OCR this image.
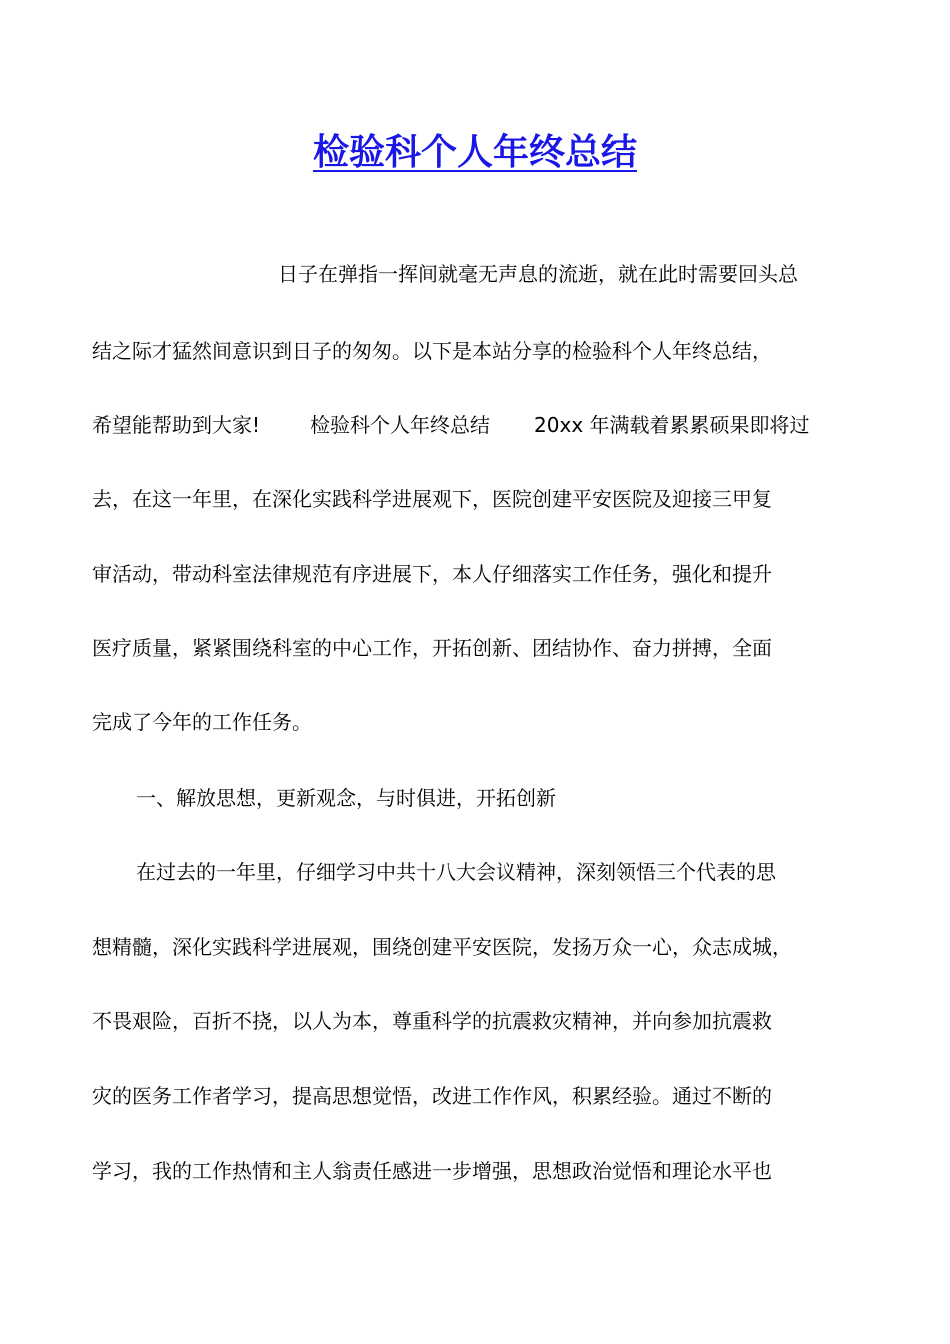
检验科个人年终总结

日子在弹指一挥间就毫无声息的流逝，就在此时需要回头总

结之际才猛然间意识到日子的匆匆。以下是本站分享的检验科个人年终总结，

希望能帮助到大家!	检验科个人年终总结 20xx 年满载着累累硕果即将过

去，在这一年里，在深化实践科学进展观下，医院创建平安医院及迎接三甲复

审活动，带动科室法律规范有序进展下，本人仔细落实工作任务，强化和提升

医疗质量，紧紧围绕科室的中心工作，开拓创新、团结协作、奋力拼搏，全面

完成了今年的工作任务。

一、解放思想，更新观念，与时俱进，开拓创新

在过去的一年里，仔细学习中共十八大会议精神，深刻领悟三个代表的思

想精髓，深化实践科学进展观，围绕创建平安医院，发扬万众一心，众志成城，

不畏艰险，百折不挠，以人为本，尊重科学的抗震救灾精神，并向参加抗震救

灾的医务工作者学习，提高思想觉悟，改进工作作风，积累经验。通过不断的

学习，我的工作热情和主人翁责任感进一步增强，思想政治觉悟和理论水平也
